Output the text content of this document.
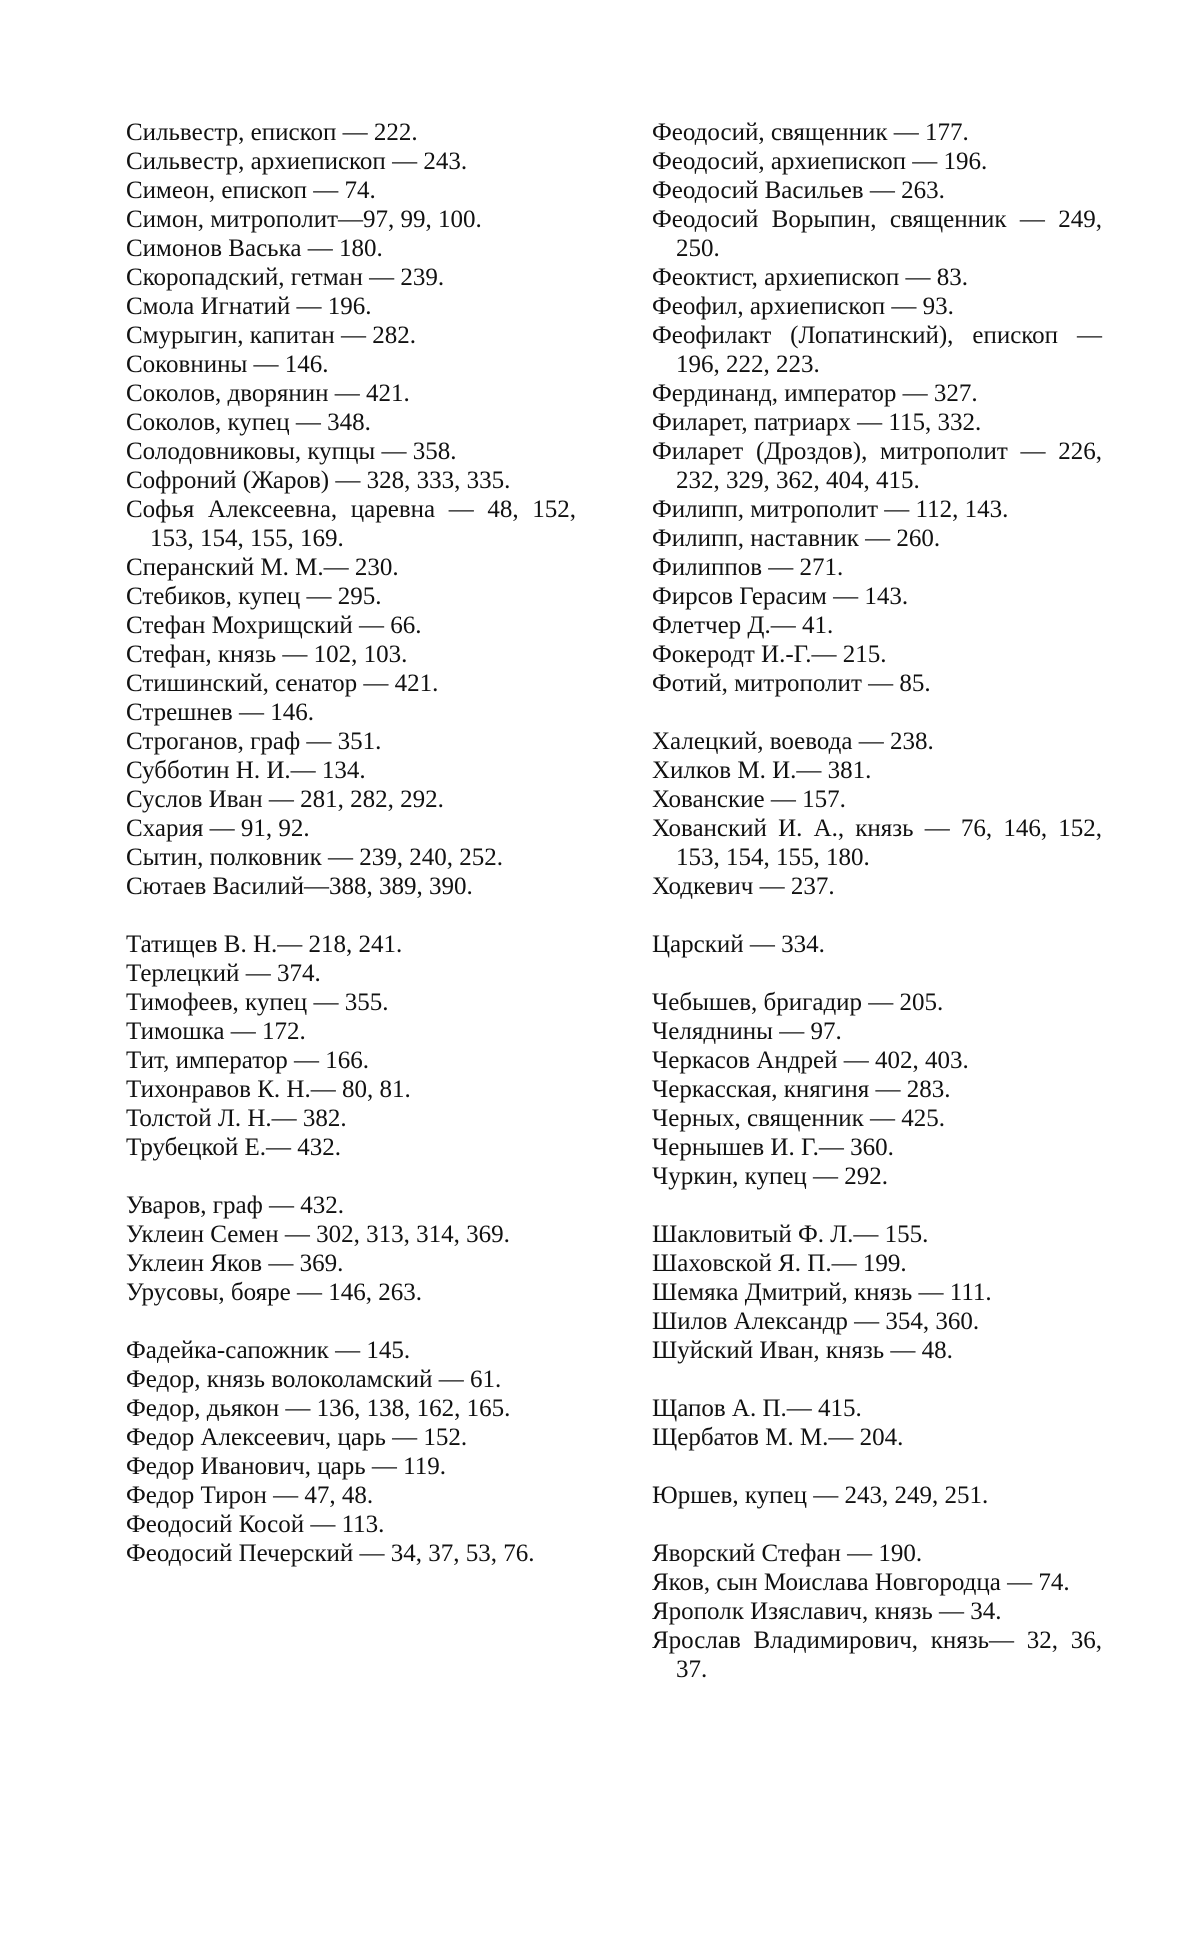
Сильвестр, епископ — 222.

Сильвестр, архиепископ — 243.

Симеон, епископ — 74.

Симон, митрополит—97, 99, 100.

Симонов Васька — 180.

Скоропадский, гетман — 239.

Смола Игнатий — 196.

Смурыгин, капитан — 282.

Соковнины — 146.

Соколов, дворянин — 421.

Соколов, купец — 348.

Солодовниковы, купцы — 358.

Софроний (Жаров) — 328, 333, 335.

Софья Алексеевна, царевна — 48, 152, 153, 154, 155, 169.

Сперанский М. М.— 230.

Стебиков, купец — 295.

Стефан Мохрищский — 66.

Стефан, князь — 102, 103.

Стишинский, сенатор — 421.

Стрешнев — 146.

Строганов, граф — 351.

Субботин Н. И.— 134.

Суслов Иван — 281, 282, 292.

Схария — 91, 92.

Сытин, полковник — 239, 240, 252.

Сютаев Василий—388, 389, 390.

Татищев В. Н.— 218, 241.

Терлецкий — 374.

Тимофеев, купец — 355.

Тимошка — 172.

Тит, император — 166.

Тихонравов К. Н.— 80, 81.

Толстой Л. Н.— 382.

Трубецкой Е.— 432.

Уваров, граф — 432.

Уклеин Семен — 302, 313, 314, 369.

Уклеин Яков — 369.

Урусовы, бояре — 146, 263.

Фадейка-сапожник — 145.

Федор, князь волоколамский — 61.

Федор, дьякон — 136, 138, 162, 165.

Федор Алексеевич, царь — 152.

Федор Иванович, царь — 119.

Федор Тирон — 47, 48.

Феодосий Косой — 113.

Феодосий Печерский — 34, 37, 53, 76.

Феодосий, священник — 177.

Феодосий, архиепископ — 196.

Феодосий Васильев — 263.

Феодосий Ворыпин, священник — 249, 250.

Феоктист, архиепископ — 83.

Феофил, архиепископ — 93.

Феофилакт (Лопатинский), епископ — 196, 222, 223.

Фердинанд, император — 327.

Филарет, патриарх — 115, 332.

Филарет (Дроздов), митрополит — 226, 232, 329, 362, 404, 415.

Филипп, митрополит — 112, 143.

Филипп, наставник — 260.

Филиппов — 271.

Фирсов Герасим — 143.

Флетчер Д.— 41.

Фокеродт И.-Г.— 215.

Фотий, митрополит — 85.

Халецкий, воевода — 238.

Хилков М. И.— 381.

Хованские — 157.

Хованский И. А., князь — 76, 146, 152, 153, 154, 155, 180.

Ходкевич — 237.

Царский — 334.

Чебышев, бригадир — 205.

Челяднины — 97.

Черкасов Андрей — 402, 403.

Черкасская, княгиня — 283.

Черных, священник — 425.

Чернышев И. Г.— 360.

Чуркин, купец — 292.

Шакловитый Ф. Л.— 155.

Шаховской Я. П.— 199.

Шемяка Дмитрий, князь — 111.

Шилов Александр — 354, 360.

Шуйский Иван, князь — 48.

Щапов А. П.— 415.

Щербатов М. М.— 204.

Юршев, купец — 243, 249, 251.

Яворский Стефан — 190.

Яков, сын Моислава Новгородца — 74.

Ярополк Изяславич, князь — 34.

Ярослав Владимирович, князь— 32, 36, 37.
